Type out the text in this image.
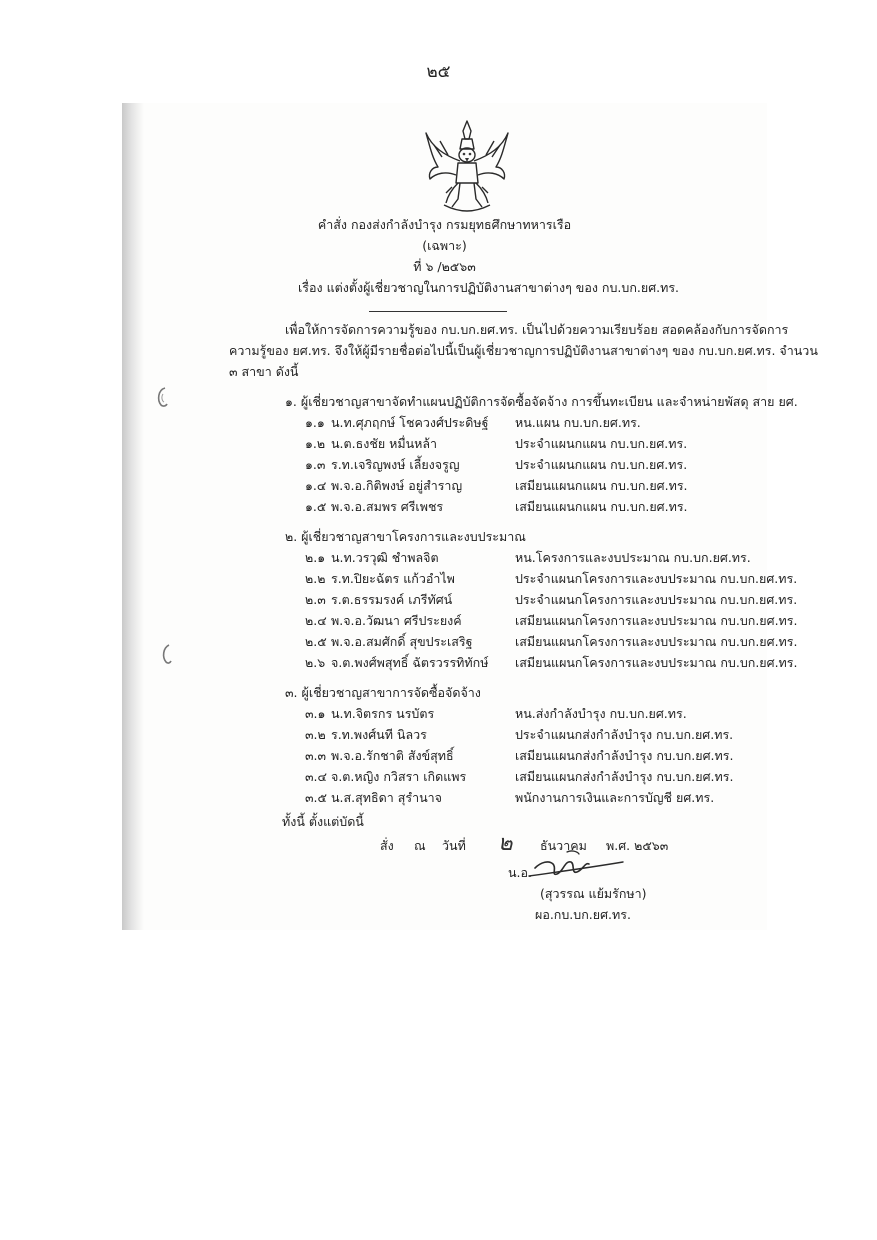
๒๕
คำสั่ง กองส่งกำลังบำรุง กรมยุทธศึกษาทหารเรือ
(เฉพาะ)
ที่ ๖ /๒๕๖๓
เรื่อง แต่งตั้งผู้เชี่ยวชาญในการปฏิบัติงานสาขาต่างๆ ของ กบ.บก.ยศ.ทร.
เพื่อให้การจัดการความรู้ของ กบ.บก.ยศ.ทร. เป็นไปด้วยความเรียบร้อย สอดคล้องกับการจัดการ
ความรู้ของ ยศ.ทร. จึงให้ผู้มีรายชื่อต่อไปนี้เป็นผู้เชี่ยวชาญการปฏิบัติงานสาขาต่างๆ ของ กบ.บก.ยศ.ทร. จำนวน
๓ สาขา ดังนี้
๑. ผู้เชี่ยวชาญสาขาจัดทำแผนปฏิบัติการจัดซื้อจัดจ้าง การขึ้นทะเบียน และจำหน่ายพัสดุ สาย ยศ.
๑.๑ น.ท.ศุภฤกษ์ โชควงศ์ประดิษฐ์ หน.แผน กบ.บก.ยศ.ทร.
๑.๒ น.ต.ธงชัย หมื่นหล้า	ประจำแผนกแผน กบ.บก.ยศ.ทร.
๑.๓ ร.ท.เจริญพงษ์ เลี้ยงจรูญ	ประจำแผนกแผน กบ.บก.ยศ.ทร.
๑.๔ พ.จ.อ.กิติพงษ์ อยู่สำราญ	เสมียนแผนกแผน กบ.บก.ยศ.ทร.
๑.๕ พ.จ.อ.สมพร ศรีเพชร	เสมียนแผนกแผน กบ.บก.ยศ.ทร.
๒. ผู้เชี่ยวชาญสาขาโครงการและงบประมาณ
๒.๑ น.ท.วรวุฒิ ชำพลจิต	หน.โครงการและงบประมาณ กบ.บก.ยศ.ทร.
๒.๒ ร.ท.ปิยะฉัตร แก้วอำไพ	ประจำแผนกโครงการและงบประมาณ กบ.บก.ยศ.ทร.
๒.๓ ร.ต.ธรรมรงค์ เภรีทัศน์	ประจำแผนกโครงการและงบประมาณ กบ.บก.ยศ.ทร.
๒.๔ พ.จ.อ.วัฒนา ศรีประยงค์	เสมียนแผนกโครงการและงบประมาณ กบ.บก.ยศ.ทร.
๒.๕ พ.จ.อ.สมศักดิ์ สุขประเสริฐ	เสมียนแผนกโครงการและงบประมาณ กบ.บก.ยศ.ทร.
๒.๖ จ.ต.พงศ์พสุทธิ์ ฉัตรวรรทิทักษ์ เสมียนแผนกโครงการและงบประมาณ กบ.บก.ยศ.ทร.
๓. ผู้เชี่ยวชาญสาขาการจัดซื้อจัดจ้าง
๓.๑ น.ท.จิตรกร นรบัตร	หน.ส่งกำลังบำรุง กบ.บก.ยศ.ทร.
๓.๒ ร.ท.พงศ์นที นิลวร	ประจำแผนกส่งกำลังบำรุง กบ.บก.ยศ.ทร.
๓.๓ พ.จ.อ.รักชาติ สังข์สุทธิ์	เสมียนแผนกส่งกำลังบำรุง กบ.บก.ยศ.ทร.
๓.๔ จ.ต.หญิง กวิสรา เกิดแพร	เสมียนแผนกส่งกำลังบำรุง กบ.บก.ยศ.ทร.
๓.๕ น.ส.สุทธิดา สุรำนาจ	พนักงานการเงินและการบัญชี ยศ.ทร.
ทั้งนี้ ตั้งแต่บัดนี้
สั่ง ณ วันที่ ๒ ธันวาคม พ.ศ. ๒๕๖๓
น.อ.
(สุวรรณ แย้มรักษา)
ผอ.กบ.บก.ยศ.ทร.
